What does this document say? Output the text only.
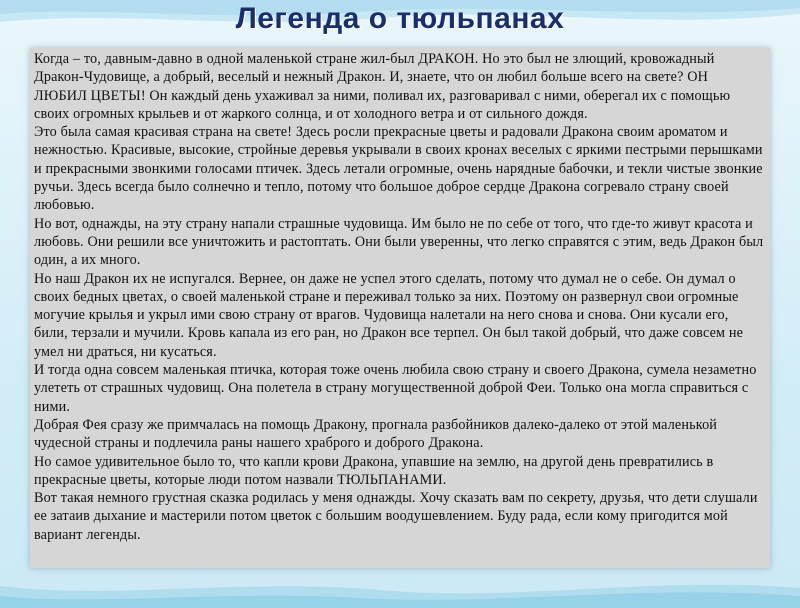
Легенда о тюльпанах

Когда – то, давным-давно в одной маленькой стране жил-был ДРАКОН. Но это был не злющий, кровожадный Дракон-Чудовище, а добрый, веселый и нежный Дракон. И, знаете, что он любил больше всего на свете? ОН ЛЮБИЛ ЦВЕТЫ! Он каждый день ухаживал за ними, поливал их, разговаривал с ними, оберегал их с помощью своих огромных крыльев и от жаркого солнца, и от холодного ветра и от сильного дождя.

Это была самая красивая страна на свете! Здесь росли прекрасные цветы и радовали Дракона своим ароматом и нежностью. Красивые, высокие, стройные деревья укрывали в своих кронах веселых с яркими пестрыми перышками и прекрасными звонкими голосами птичек. Здесь летали огромные, очень нарядные бабочки, и текли чистые звонкие ручьи. Здесь всегда было солнечно и тепло, потому что большое доброе сердце Дракона согревало страну своей любовью.

Но вот, однажды, на эту страну напали страшные чудовища. Им было не по себе от того, что где-то живут красота и любовь. Они решили все уничтожить и растоптать. Они были уверенны, что легко справятся с этим, ведь Дракон был один, а их много.

Но наш Дракон их не испугался. Вернее, он даже не успел этого сделать, потому что думал не о себе. Он думал о своих бедных цветах, о своей маленькой стране и переживал только за них. Поэтому он развернул свои огромные могучие крылья и укрыл ими свою страну от врагов. Чудовища налетали на него снова и снова. Они кусали его, били, терзали и мучили. Кровь капала из его ран, но Дракон все терпел. Он был такой добрый, что даже совсем не умел ни драться, ни кусаться.

И тогда одна совсем маленькая птичка, которая тоже очень любила свою страну и своего Дракона, сумела незаметно улететь от страшных чудовищ. Она полетела в страну могущественной доброй Феи. Только она могла справиться с ними.

Добрая Фея сразу же примчалась на помощь Дракону, прогнала разбойников далеко-далеко от этой маленькой чудесной страны и подлечила раны нашего храброго и доброго Дракона.

Но самое удивительное было то, что капли крови Дракона, упавшие на землю, на другой день превратились в прекрасные цветы, которые люди потом назвали ТЮЛЬПАНАМИ.

Вот такая немного грустная сказка родилась у меня однажды. Хочу сказать вам по секрету, друзья, что дети слушали ее затаив дыхание и мастерили потом цветок с большим воодушевлением. Буду рада, если кому пригодится мой вариант легенды.
